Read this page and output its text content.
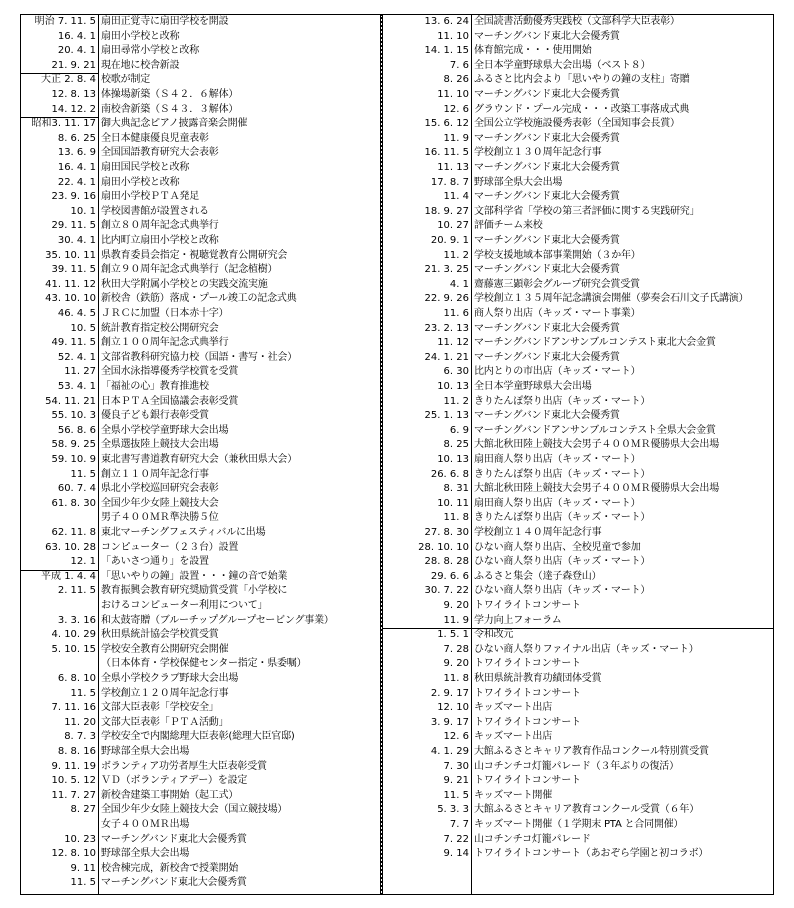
明治 7. 11. 5 扇田正覚寺に扇田学校を開設
16. 4. 1 扇田小学校と改称
20. 4. 1 扇田尋常小学校と改称
21. 9. 21 現在地に校舎新設
大正 2. 8. 4 校歌が制定
12. 8. 13 体操場新築（Ｓ４２．６解体）
14. 12. 2 南校舎新築（Ｓ４３．３解体）
昭和3. 11. 17 御大典記念ピアノ披露音楽会開催
8. 6. 25 全日本健康優良児童表彰
13. 6. 9 全国国語教育研究大会表彰
16. 4. 1 扇田国民学校と改称
22. 4. 1 扇田小学校と改称
23. 9. 16 扇田小学校ＰＴＡ発足
10. 1 学校図書館が設置される
29. 11. 5 創立８０周年記念式典挙行
30. 4. 1 比内町立扇田小学校と改称
35. 10. 11 県教育委員会指定・視聴覚教育公開研究会
39. 11. 5 創立９０周年記念式典挙行（記念植樹）
41. 11. 12 秋田大学附属小学校との実践交流実施
43. 10. 10 新校舎（鉄筋）落成・プール竣工の記念式典
46. 4. 5 ＪＲＣに加盟（日本赤十字）
10. 5 統計教育指定校公開研究会
49. 11. 5 創立１００周年記念式典挙行
52. 4. 1 文部省教科研究協力校（国語・書写・社会）
11. 27 全国水泳指導優秀学校賞を受賞
53. 4. 1 「福祉の心」教育推進校
54. 11. 21 日本ＰＴＡ全国協議会表彰受賞
55. 10. 3 優良子ども銀行表彰受賞
56. 8. 6 全県小学校学童野球大会出場
58. 9. 25 全県選抜陸上競技大会出場
59. 10. 9 東北書写書道教育研究大会（兼秋田県大会）
11. 5 創立１１０周年記念行事
60. 7. 4 県北小学校巡回研究会表彰
61. 8. 30 全国少年少女陸上競技大会
男子４００ＭＲ準決勝５位
62. 11. 8 東北マーチングフェスティバルに出場
63. 10. 28 コンピューター（２３台）設置
12. 1 「あいさつ通り」を設置
平成 1. 4. 4 「思いやりの鐘」設置・・・鐘の音で始業
2. 11. 5 教育振興会教育研究奨励賞受賞「小学校に
おけるコンピューター利用について」
3. 3. 16 和太鼓寄贈（ブルーチップグループセービング事業）
4. 10. 29 秋田県統計協会学校賞受賞
5. 10. 15 学校安全教育公開研究会開催
（日本体育・学校保健センター指定・県委嘱）
6. 8. 10 全県小学校クラブ野球大会出場
11. 5 学校創立１２０周年記念行事
7. 11. 16 文部大臣表彰「学校安全」
11. 20 文部大臣表彰「ＰＴＡ活動」
8. 7. 3 学校安全で内閣総理大臣表彰(総理大臣官邸)
8. 8. 16 野球部全県大会出場
9. 11. 19 ボランティア功労者厚生大臣表彰受賞
10. 5. 12 ＶＤ（ボランティアデー）を設定
11. 7. 27 新校舎建築工事開始（起工式）
8. 27 全国少年少女陸上競技大会（国立競技場）
女子４００ＭＲ出場
10. 23 マーチングバンド東北大会優秀賞
12. 8. 10 野球部全県大会出場
9. 11 校舎棟完成，新校舎で授業開始
11. 5 マーチングバンド東北大会優秀賞
13. 6. 24 全国読書活動優秀実践校（文部科学大臣表彰）
11. 10 マーチングバンド東北大会優秀賞
14. 1. 15 体育館完成・・・使用開始
7. 6 全日本学童野球県大会出場（ベスト８）
8. 26 ふるさと比内会より「思いやりの鐘の支柱」寄贈
11. 10 マーチングバンド東北大会優秀賞
12. 6 グラウンド・プール完成・・・改築工事落成式典
15. 6. 12 全国公立学校施設優秀表彰（全国知事会長賞）
11. 9 マーチングバンド東北大会優秀賞
16. 11. 5 学校創立１３０周年記念行事
11. 13 マーチングバンド東北大会優秀賞
17. 8. 7 野球部全県大会出場
11. 4 マーチングバンド東北大会優秀賞
18. 9. 27 文部科学省「学校の第三者評価に関する実践研究」
10. 27 評価チーム来校
20. 9. 1 マーチングバンド東北大会優秀賞
11. 2 学校支援地域本部事業開始（３か年）
21. 3. 25 マーチングバンド東北大会優秀賞
4. 1 齋藤憲三顕彰会グループ研究会賞受賞
22. 9. 26 学校創立１３５周年記念講演会開催（夢奏会石川文子氏講演）
11. 6 商人祭り出店（キッズ・マート事業）
23. 2. 13 マーチングバンド東北大会優秀賞
11. 12 マーチングバンドアンサンブルコンテスト東北大会金賞
24. 1. 21 マーチングバンド東北大会優秀賞
6. 30 比内とりの市出店（キッズ・マート）
10. 13 全日本学童野球県大会出場
11. 2 きりたんぽ祭り出店（キッズ・マート）
25. 1. 13 マーチングバンド東北大会優秀賞
6. 9 マーチングバンドアンサンブルコンテスト全県大会金賞
8. 25 大館北秋田陸上競技大会男子４００ＭＲ優勝県大会出場
10. 13 扇田商人祭り出店（キッズ・マート）
26. 6. 8 きりたんぽ祭り出店（キッズ・マート）
8. 31 大館北秋田陸上競技大会男子４００ＭＲ優勝県大会出場
10. 11 扇田商人祭り出店（キッズ・マート）
11. 8 きりたんぽ祭り出店（キッズ・マート）
27. 8. 30 学校創立１４０周年記念行事
28. 10. 10 ひない商人祭り出店、全校児童で参加
28. 8. 28 ひない商人祭り出店（キッズ・マート）
29. 6. 6 ふるさと集会（達子森登山）
30. 7. 22 ひない商人祭り出店（キッズ・マート）
9. 20 トワイライトコンサート
11. 9 学力向上フォーラム
1. 5. 1 令和改元
7. 28 ひない商人祭りファイナル出店（キッズ・マート）
9. 20 トワイライトコンサート
11. 8 秋田県統計教育功績団体受賞
2. 9. 17 トワイライトコンサート
12. 10 キッズマート出店
3. 9. 17 トワイライトコンサート
12. 6 キッズマート出店
4. 1. 29 大館ふるさとキャリア教育作品コンクール特別賞受賞
7. 30 山コチンチコ灯籠パレード（３年ぶりの復活）
9. 21 トワイライトコンサート
11. 5 キッズマート開催
5. 3. 3 大館ふるさとキャリア教育コンクール受賞（６年）
7. 7 キッズマート開催（１学期末 PTA と合同開催）
7. 22 山コチンチコ灯籠パレード
9. 14 トワイライトコンサート（あおぞら学園と初コラボ）
